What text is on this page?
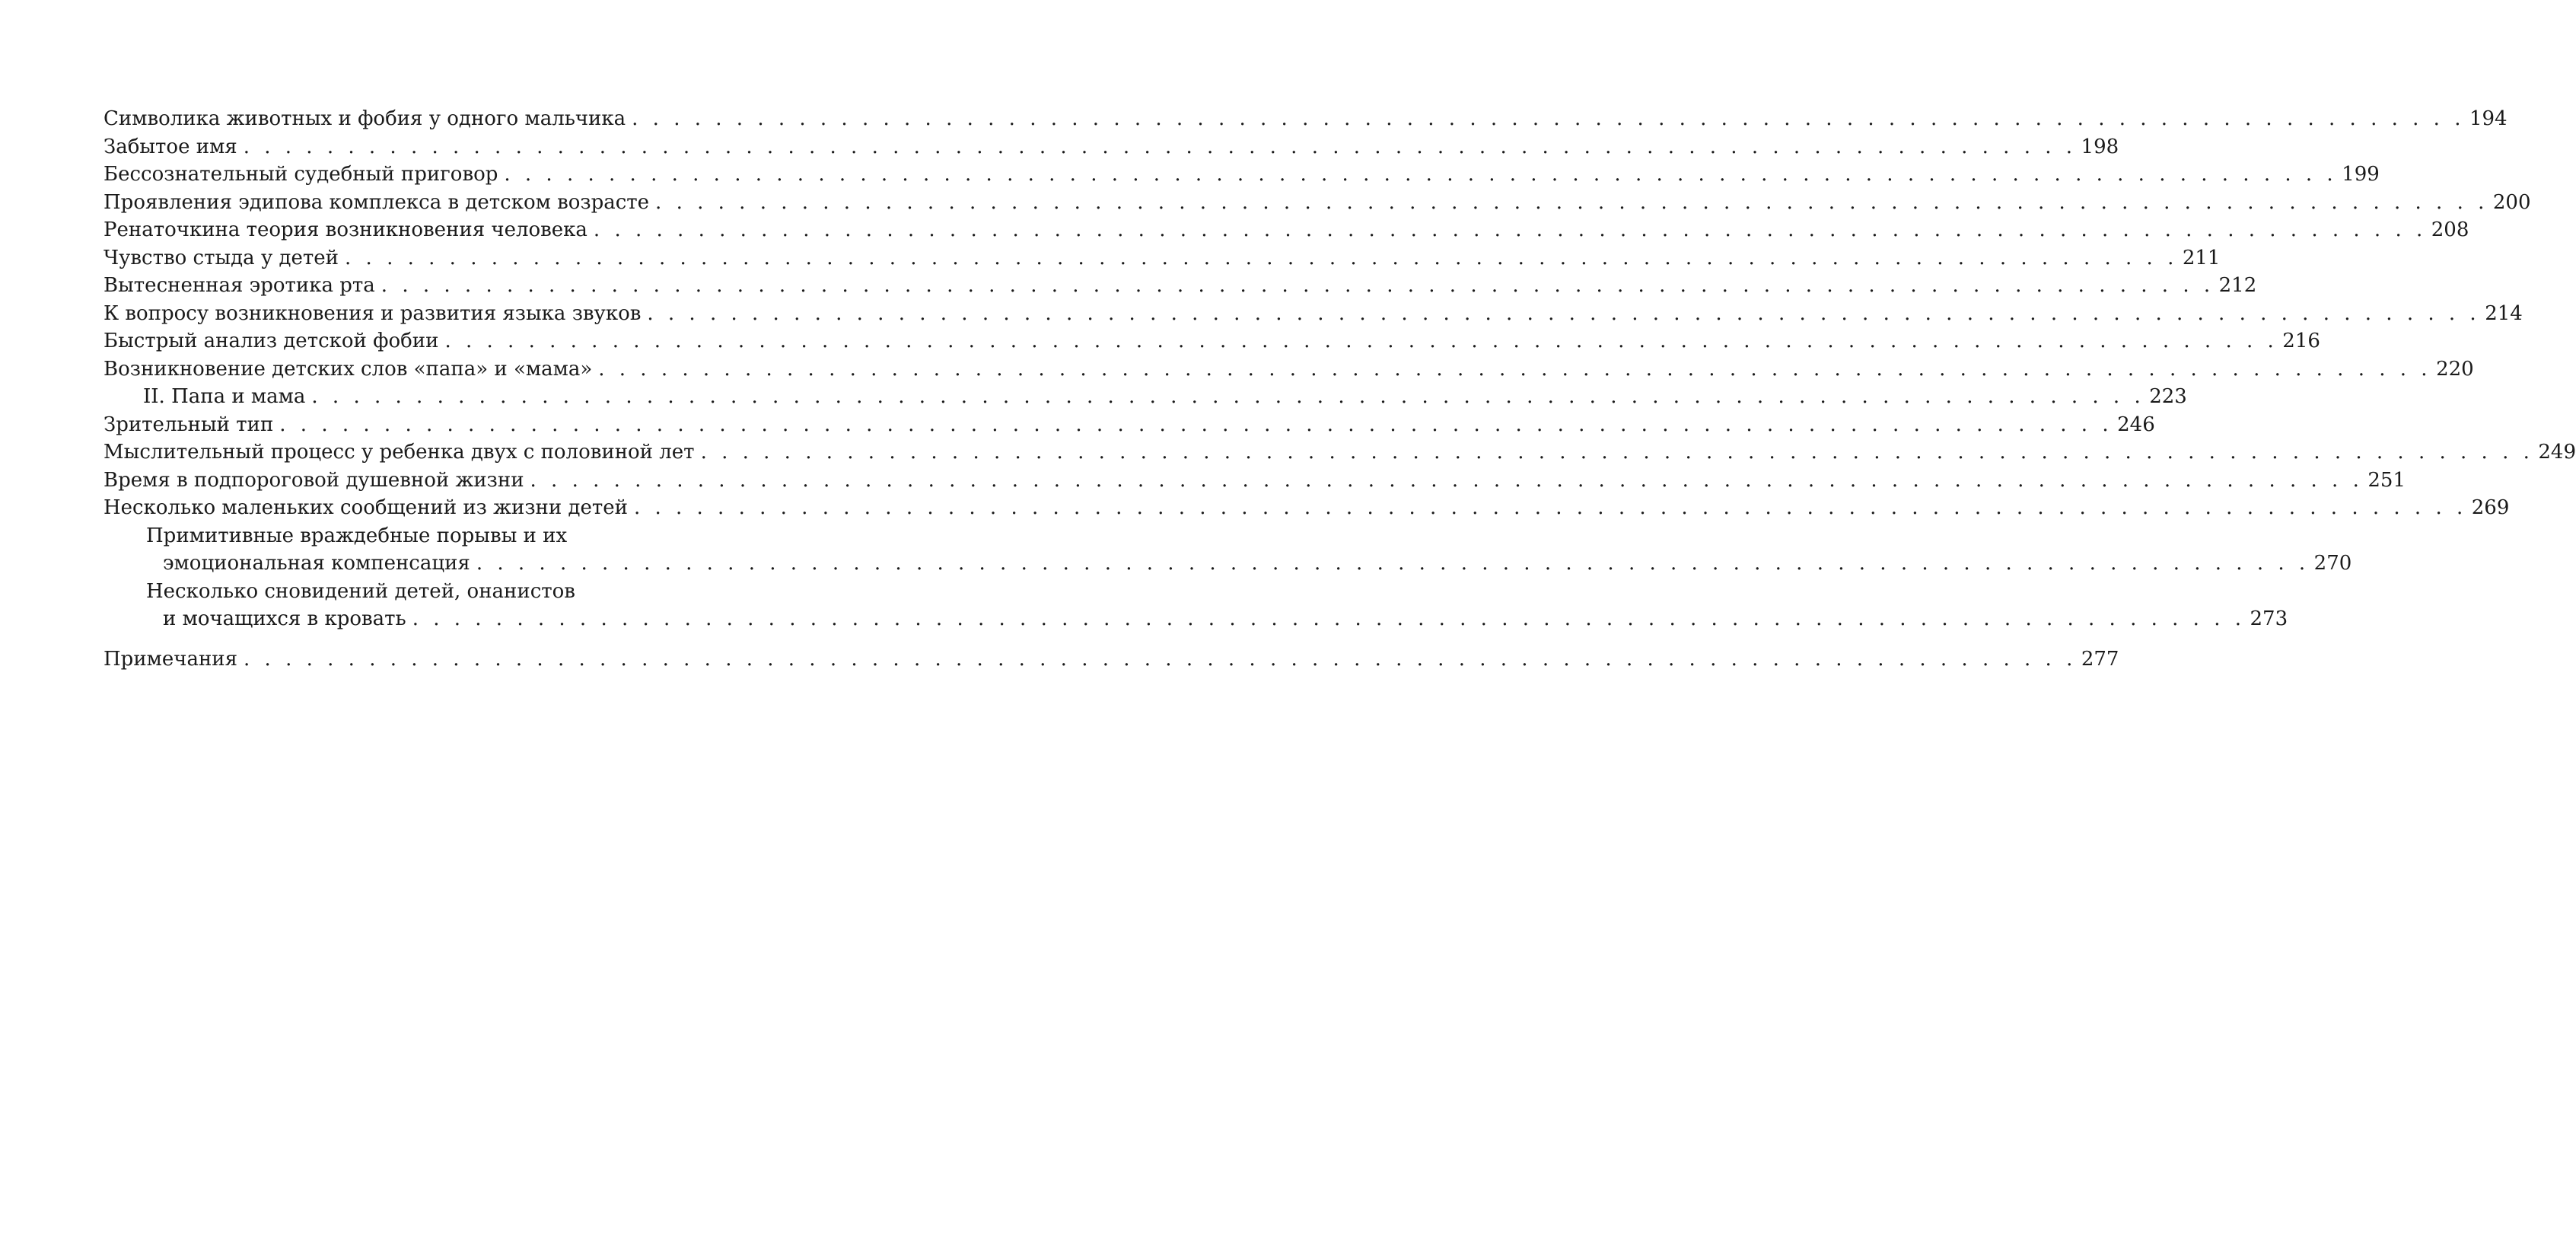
Символика животных и фобия у одного мальчика . . .	194
Забытое имя . . .	198
Бессознательный судебный приговор . . .	199
Проявления эдипова комплекса в детском возрасте . . .	200
Ренаточкина теория возникновения человека . . .	208
Чувство стыда у детей . . .	211
Вытесненная эротика рта . . .	212
К вопросу возникновения и развития языка звуков . . .	214
Быстрый анализ детской фобии . . .	216
Возникновение детских слов «папа» и «мама» . . .	220
II. Папа и мама . . .	223
Зрительный тип . . .	246
Мыслительный процесс у ребенка двух с половиной лет . . .	249
Время в подпороговой душевной жизни . . .	251
Несколько маленьких сообщений из жизни детей . . .	269
Примитивные враждебные порывы и их
эмоциональная компенсация . . .	270
Несколько сновидений детей, онанистов
и мочащихся в кровать . . .	273
Примечания . . .	277
